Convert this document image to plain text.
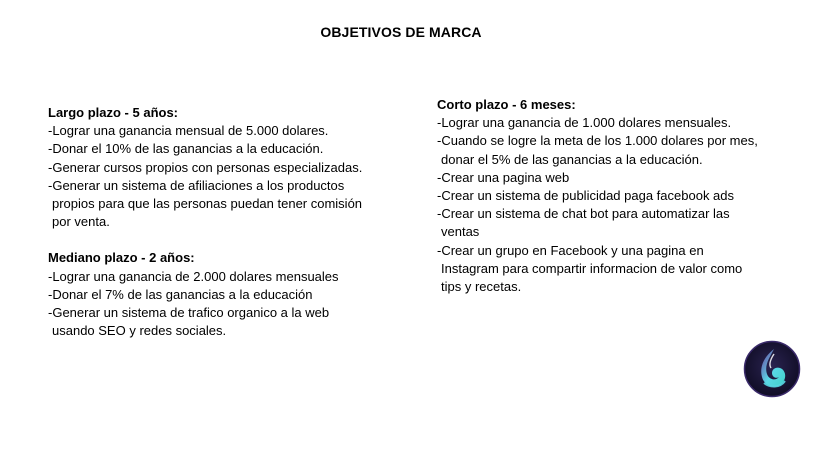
OBJETIVOS DE MARCA
Largo plazo - 5 años:
-Lograr una ganancia mensual de 5.000 dolares.
-Donar el 10% de las ganancias a la educación.
-Generar cursos propios con personas especializadas.
-Generar un sistema de afiliaciones a los productos
propios para que las personas puedan tener comisión
por venta.
Mediano plazo - 2 años:
-Lograr una ganancia de 2.000 dolares mensuales
-Donar el 7% de las ganancias a la educación
-Generar un sistema de trafico organico a la web
usando SEO y redes sociales.
Corto plazo - 6 meses:
-Lograr una ganancia de 1.000 dolares mensuales.
-Cuando se logre la meta de los 1.000 dolares por mes,
donar el 5% de las ganancias a la educación.
-Crear una pagina web
-Crear un sistema de publicidad paga facebook ads
-Crear un sistema de chat bot para automatizar las
ventas
-Crear un grupo en Facebook y una pagina en
Instagram para compartir informacion de valor como
tips y recetas.
